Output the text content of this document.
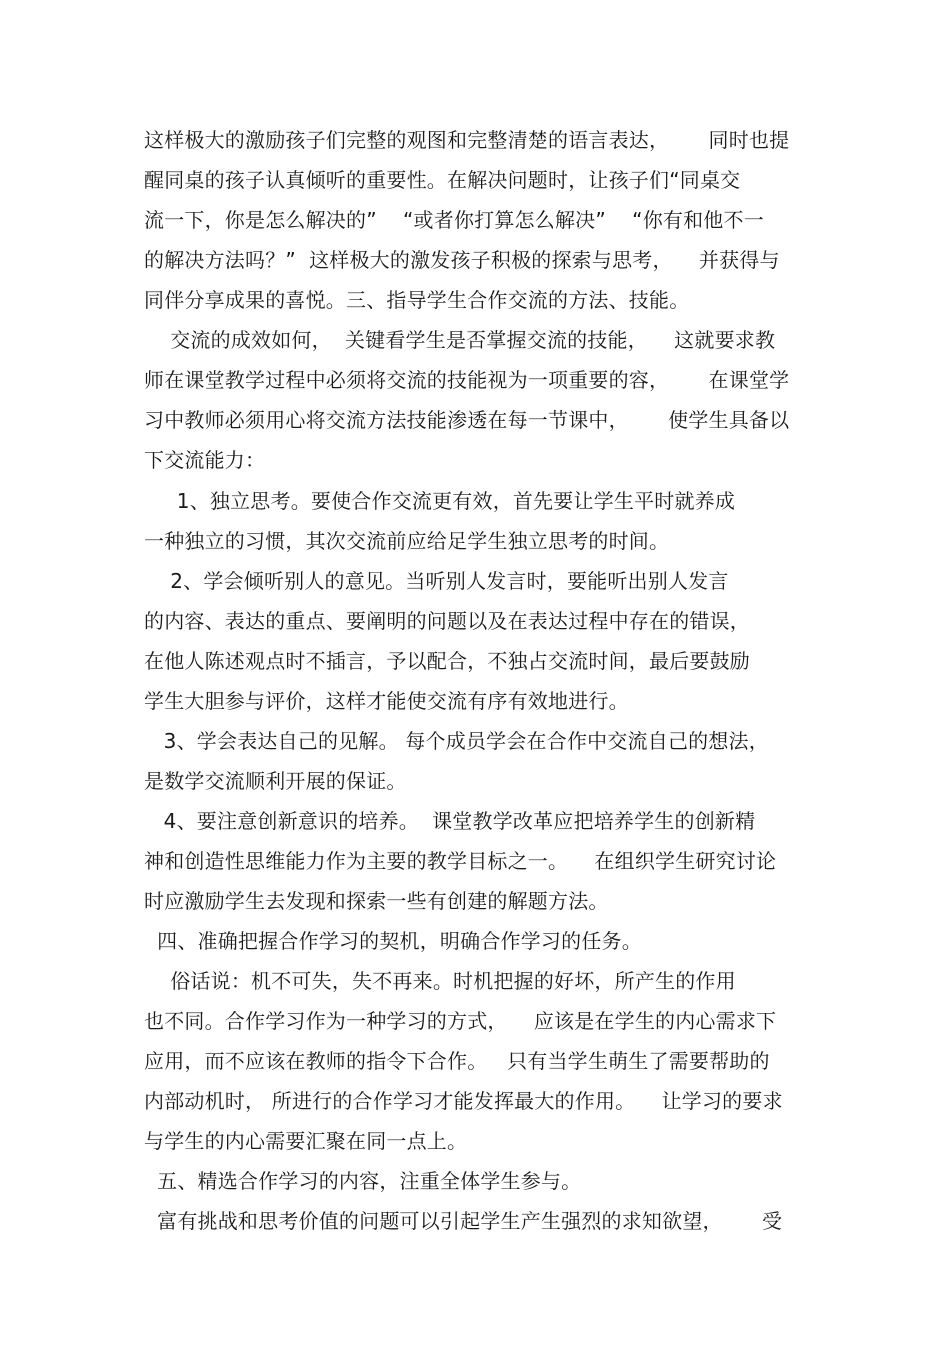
这样极大的激励孩子们完整的观图和完整清楚的语言表达，      同时也提
醒同桌的孩子认真倾听的重要性。在解决问题时，让孩子们“同桌交
流一下，你是怎么解决的”    “或者你打算怎么解决”    “你有和他不一
的解决方法吗？”  这样极大的激发孩子积极的探索与思考，    并获得与
同伴分享成果的喜悦。三、指导学生合作交流的方法、技能。
交流的成效如何，  关键看学生是否掌握交流的技能，    这就要求教
师在课堂教学过程中必须将交流的技能视为一项重要的容，      在课堂学
习中教师必须用心将交流方法技能渗透在每一节课中，      使学生具备以
下交流能力：
1、独立思考。要使合作交流更有效，首先要让学生平时就养成
一种独立的习惯，其次交流前应给足学生独立思考的时间。
2、学会倾听别人的意见。当听别人发言时，要能听出别人发言
的内容、表达的重点、要阐明的问题以及在表达过程中存在的错误，
在他人陈述观点时不插言，予以配合，不独占交流时间，最后要鼓励
学生大胆参与评价，这样才能使交流有序有效地进行。
3、学会表达自己的见解。 每个成员学会在合作中交流自己的想法，
是数学交流顺利开展的保证。
4、要注意创新意识的培养。  课堂教学改革应把培养学生的创新精
神和创造性思维能力作为主要的教学目标之一。    在组织学生研究讨论
时应激励学生去发现和探索一些有创建的解题方法。
四、准确把握合作学习的契机，明确合作学习的任务。
俗话说：机不可失，失不再来。时机把握的好坏，所产生的作用
也不同。合作学习作为一种学习的方式，    应该是在学生的内心需求下
应用，而不应该在教师的指令下合作。   只有当学生萌生了需要帮助的
内部动机时， 所进行的合作学习才能发挥最大的作用。    让学习的要求
与学生的内心需要汇聚在同一点上。
五、精选合作学习的内容，注重全体学生参与。
富有挑战和思考价值的问题可以引起学生产生强烈的求知欲望，      受
